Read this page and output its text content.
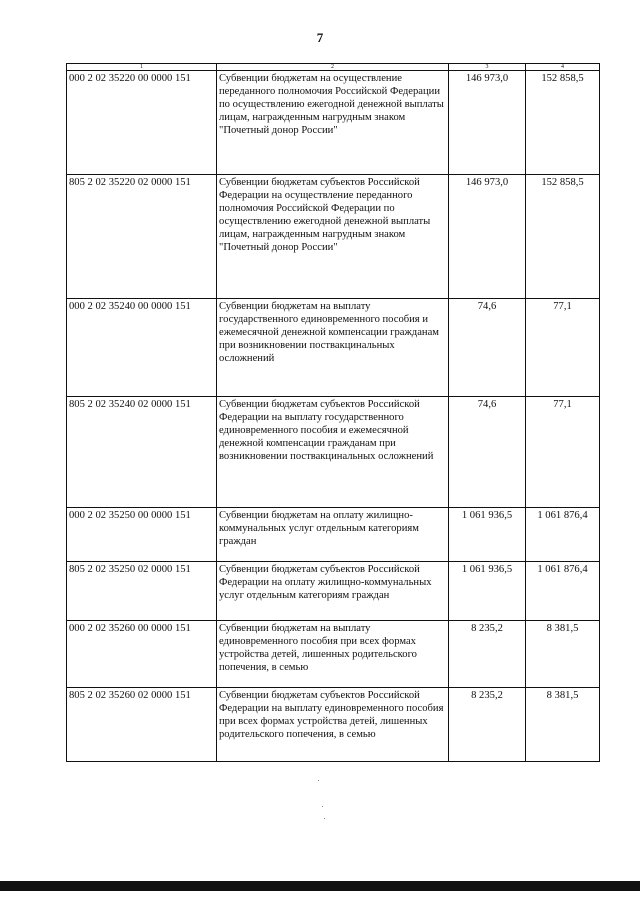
7
1	2	3	4
000 2 02 35220 00 0000 151	Субвенции бюджетам на осуществление переданного полномочия Российской Федерации по осуществлению ежегодной денежной выплаты лицам, награжденным нагрудным знаком "Почетный донор России"	146 973,0	152 858,5
805 2 02 35220 02 0000 151	Субвенции бюджетам субъектов Российской Федерации на осуществление переданного полномочия Российской Федерации по осуществлению ежегодной денежной выплаты лицам, награжденным нагрудным знаком "Почетный донор России"	146 973,0	152 858,5
000 2 02 35240 00 0000 151	Субвенции бюджетам на выплату государственного единовременного пособия и ежемесячной денежной компенсации гражданам при возникновении поствакцинальных осложнений	74,6	77,1
805 2 02 35240 02 0000 151	Субвенции бюджетам субъектов Российской Федерации на выплату государственного единовременного пособия и ежемесячной денежной компенсации гражданам при возникновении поствакцинальных осложнений	74,6	77,1
000 2 02 35250 00 0000 151	Субвенции бюджетам на оплату жилищно-коммунальных услуг отдельным категориям граждан	1 061 936,5	1 061 876,4
805 2 02 35250 02 0000 151	Субвенции бюджетам субъектов Российской Федерации на оплату жилищно-коммунальных услуг отдельным категориям граждан	1 061 936,5	1 061 876,4
000 2 02 35260 00 0000 151	Субвенции бюджетам на выплату единовременного пособия при всех формах устройства детей, лишенных родительского попечения, в семью	8 235,2	8 381,5
805 2 02 35260 02 0000 151	Субвенции бюджетам субъектов Российской Федерации на выплату единовременного пособия при всех формах устройства детей, лишенных родительского попечения, в семью	8 235,2	8 381,5
